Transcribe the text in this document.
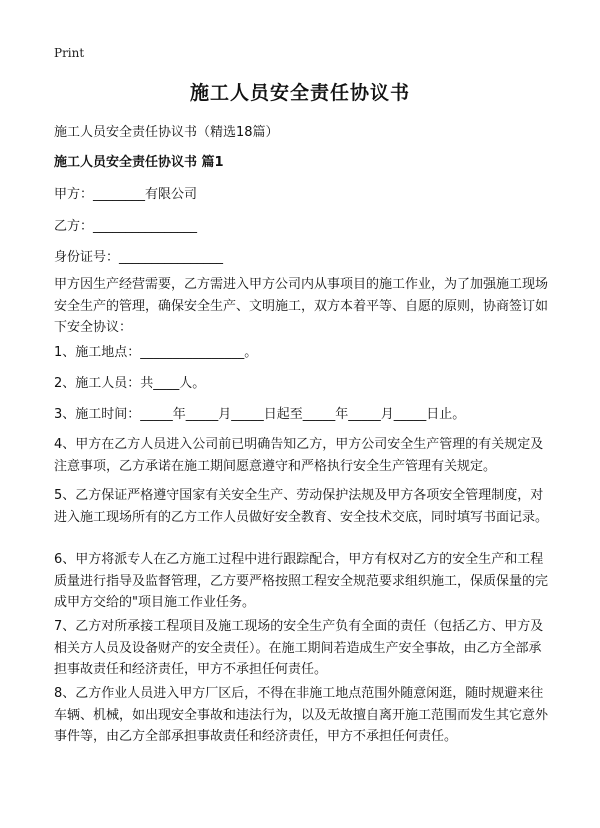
Print
施工人员安全责任协议书
施工人员安全责任协议书（精选18篇）
施工人员安全责任协议书 篇1
甲方：________有限公司
乙方：________________
身份证号：________________

甲方因生产经营需要，乙方需进入甲方公司内从事项目的施工作业，为了加强施工现场安全生产的管理，确保安全生产、文明施工，双方本着平等、自愿的原则，协商签订如下安全协议：

1、施工地点：________________。

2、施工人员：共____人。

3、施工时间：_____年_____月_____日起至_____年_____月_____日止。

4、甲方在乙方人员进入公司前已明确告知乙方，甲方公司安全生产管理的有关规定及注意事项，乙方承诺在施工期间愿意遵守和严格执行安全生产管理有关规定。

5、乙方保证严格遵守国家有关安全生产、劳动保护法规及甲方各项安全管理制度，对进入施工现场所有的乙方工作人员做好安全教育、安全技术交底，同时填写书面记录。

6、甲方将派专人在乙方施工过程中进行跟踪配合，甲方有权对乙方的安全生产和工程质量进行指导及监督管理，乙方要严格按照工程安全规范要求组织施工，保质保量的完成甲方交给的"项目施工作业任务。

7、乙方对所承接工程项目及施工现场的安全生产负有全面的责任（包括乙方、甲方及相关方人员及设备财产的安全责任）。在施工期间若造成生产安全事故，由乙方全部承担事故责任和经济责任，甲方不承担任何责任。

8、乙方作业人员进入甲方厂区后，不得在非施工地点范围外随意闲逛，随时规避来往车辆、机械，如出现安全事故和违法行为，以及无故擅自离开施工范围而发生其它意外事件等，由乙方全部承担事故责任和经济责任，甲方不承担任何责任。
